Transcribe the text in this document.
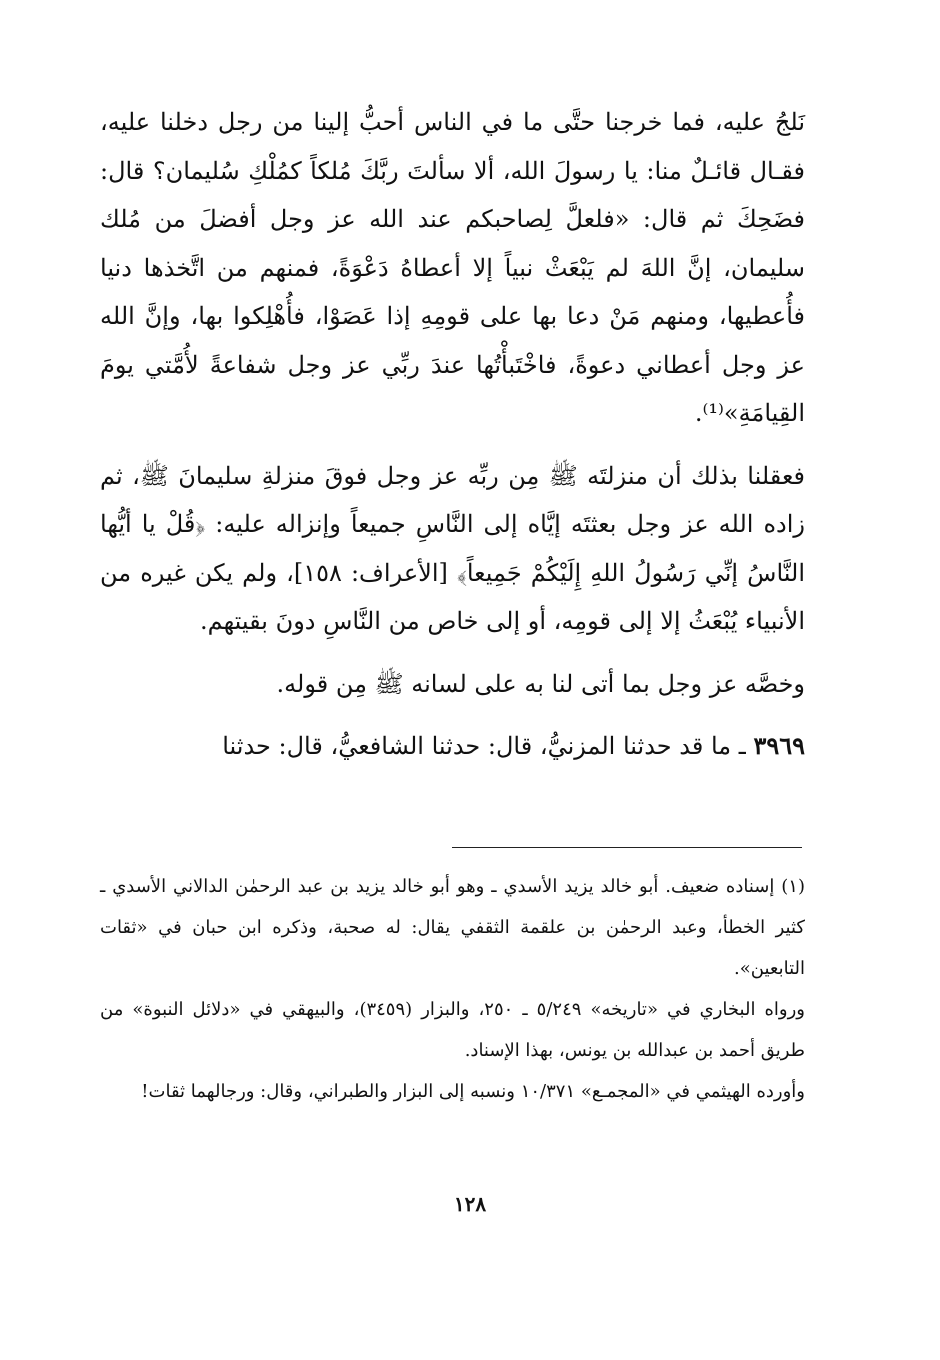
نَلجُ عليه، فما خرجنا حتَّى ما في الناس أحبُّ إلينا من رجل دخلنا عليه، فقـال قائـلٌ منا: يا رسولَ الله، ألا سألتَ ربَّكَ مُلكاً كمُلْكِ سُليمان؟ قال: فضَحِكَ ثم قال: «فلعلَّ لِصاحبكم عند الله عز وجل أفضلَ من مُلك سليمان، إنَّ اللهَ لم يَبْعَثْ نبياً إلا أعطاهُ دَعْوَةً، فمنهم من اتَّخذها دنيا فأُعطيها، ومنهم مَنْ دعا بها على قومِهِ إذا عَصَوْا، فأُهْلِكوا بها، وإنَّ الله عز وجل أعطاني دعوةً، فاخْتَبأْتُها عندَ ربِّي عز وجل شفاعةً لأُمَّتي يومَ القِيامَةِ»⁽¹⁾.

فعقلنا بذلك أن منزلتَه ﷺ مِن ربِّه عز وجل فوقَ منزلةِ سليمانَ ﷺ، ثم زاده الله عز وجل بعثتَه إيَّاه إلى النَّاسِ جميعاً وإنزاله عليه: ﴿قُلْ يا أيُّها النَّاسُ إنِّي رَسُولُ اللهِ إِلَيْكُمْ جَمِيعاً﴾ [الأعراف: ١٥٨]، ولم يكن غيره من الأنبياء يُبْعَثُ إلا إلى قومِه، أو إلى خاص من النَّاسِ دونَ بقيتهم.

وخصَّه عز وجل بما أتى لنا به على لسانه ﷺ مِن قوله.

٣٩٦٩ ـ ما قد حدثنا المزنيُّ، قال: حدثنا الشافعيُّ، قال: حدثنا

(١) إسناده ضعيف. أبو خالد يزيد الأسدي ـ وهو أبو خالد يزيد بن عبد الرحمٰن الدالاني الأسدي ـ كثير الخطأ، وعبد الرحمٰن بن علقمة الثقفي يقال: له صحبة، وذكره ابن حبان في «ثقات التابعين».

ورواه البخاري في «تاريخه» ٥/٢٤٩ ـ ٢٥٠، والبزار (٣٤٥٩)، والبيهقي في «دلائل النبوة» من طريق أحمد بن عبدالله بن يونس، بهذا الإسناد.

وأورده الهيثمي في «المجمـع» ١٠/٣٧١ ونسبه إلى البزار والطبراني، وقال: ورجالهما ثقات!

١٢٨
